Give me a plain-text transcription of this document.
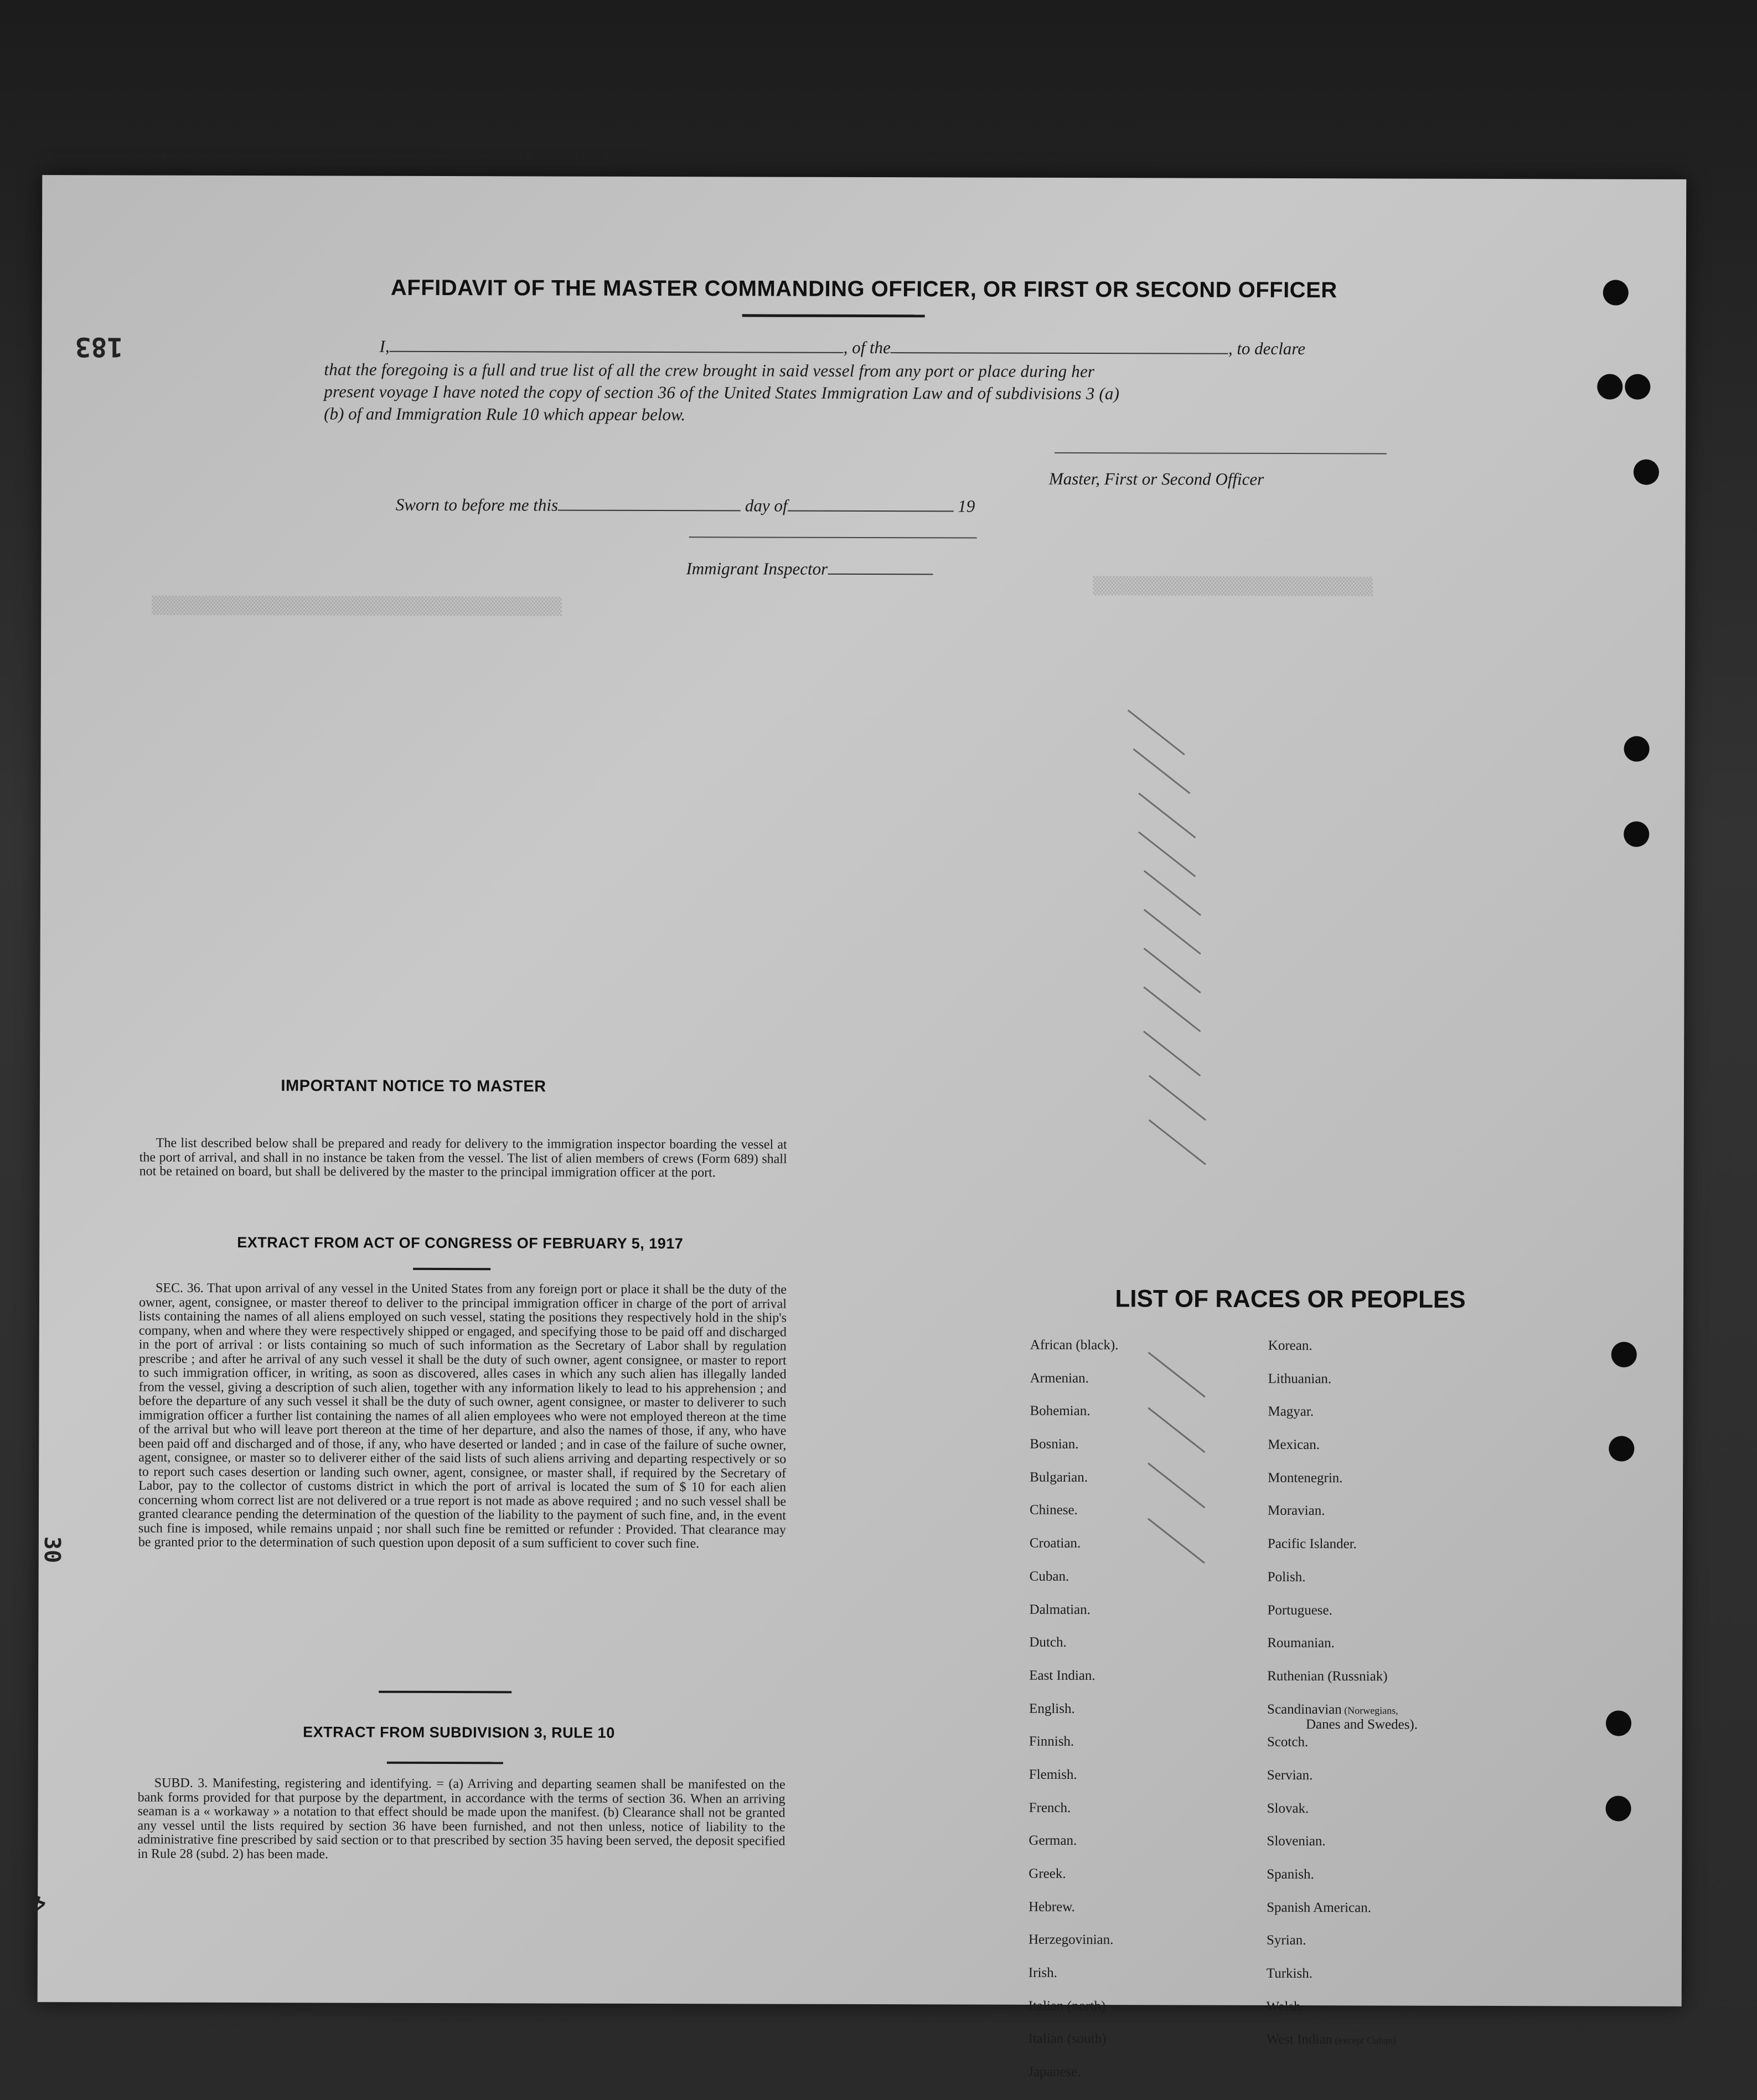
▒▒▒▒▒▒▒▒▒▒▒▒▒▒▒▒▒▒▒▒▒▒▒▒▒▒▒▒
▒▒▒▒▒▒▒▒▒▒▒▒▒▒▒▒▒▒▒▒▒▒▒▒▒▒▒▒▒▒▒▒▒▒▒▒▒▒▒▒▒
183
30
4
AFFIDAVIT OF THE MASTER COMMANDING OFFICER, OR FIRST OR SECOND OFFICER
I,	, of the	, to declare
that the foregoing is a full and true list of all the crew brought in said vessel from any port or place during her
present voyage I have noted the copy of section 36 of the United States Immigration Law and of subdivisions 3 (a)
(b) of and Immigration Rule 10 which appear below.
Master, First or Second Officer
Sworn to before me this	day of	19
Immigrant Inspector
IMPORTANT NOTICE TO MASTER
The list described below shall be prepared and ready for delivery to the immigration inspector boarding the vessel at the port of arrival, and shall in no instance be taken from the vessel. The list of alien members of crews (Form 689) shall not be retained on board, but shall be delivered by the master to the principal immigration officer at the port.
EXTRACT FROM ACT OF CONGRESS OF FEBRUARY 5, 1917
SEC. 36. That upon arrival of any vessel in the United States from any foreign port or place it shall be the duty of the owner, agent, consignee, or master thereof to deliver to the principal immigration officer in charge of the port of arrival lists containing the names of all aliens employed on such vessel, stating the positions they respectively hold in the ship's company, when and where they were respectively shipped or engaged, and specifying those to be paid off and discharged in the port of arrival : or lists containing so much of such information as the Secretary of Labor shall by regulation prescribe ; and after he arrival of any such vessel it shall be the duty of such owner, agent consignee, or master to report to such immigration officer, in writing, as soon as discovered, alles cases in which any such alien has illegally landed from the vessel, giving a description of such alien, together with any information likely to lead to his apprehension ; and before the departure of any such vessel it shall be the duty of such owner, agent consignee, or master to deliverer to such immigration officer a further list containing the names of all alien employees who were not employed thereon at the time of the arrival but who will leave port thereon at the time of her departure, and also the names of those, if any, who have been paid off and discharged and of those, if any, who have deserted or landed ; and in case of the failure of suche owner, agent, consignee, or master so to deliverer either of the said lists of such aliens arriving and departing respectively or so to report such cases desertion or landing such owner, agent, consignee, or master shall, if required by the Secretary of Labor, pay to the collector of customs district in which the port of arrival is located the sum of $ 10 for each alien concerning whom correct list are not delivered or a true report is not made as above required ; and no such vessel shall be granted clearance pending the determination of the question of the liability to the payment of such fine, and, in the event such fine is imposed, while remains unpaid ; nor shall such fine be remitted or refunder : Provided. That clearance may be granted prior to the determination of such question upon deposit of a sum sufficient to cover such fine.
EXTRACT FROM SUBDIVISION 3, RULE 10
SUBD. 3. Manifesting, registering and identifying. = (a) Arriving and departing seamen shall be manifested on the bank forms provided for that purpose by the department, in accordance with the terms of section 36. When an arriving seaman is a « workaway » a notation to that effect should be made upon the manifest. (b) Clearance shall not be granted any vessel until the lists required by section 36 have been furnished, and not then unless, notice of liability to the administrative fine prescribed by said section or to that prescribed by section 35 having been served, the deposit specified in Rule 28 (subd. 2) has been made.
LIST OF RACES OR PEOPLES
African (black).
Armenian.
Bohemian.
Bosnian.
Bulgarian.
Chinese.
Croatian.
Cuban.
Dalmatian.
Dutch.
East Indian.
English.
Finnish.
Flemish.
French.
German.
Greek.
Hebrew.
Herzegovinian.
Irish.
Italian (north)
Italian (south)
Japanese.
Korean.
Lithuanian.
Magyar.
Mexican.
Montenegrin.
Moravian.
Pacific Islander.
Polish.
Portuguese.
Roumanian.
Ruthenian (Russniak)
Scandinavian (Norwegians,
Danes and Swedes).
Scotch.
Servian.
Slovak.
Slovenian.
Spanish.
Spanish American.
Syrian.
Turkish.
Welsh.
West Indian (except Cuban)
